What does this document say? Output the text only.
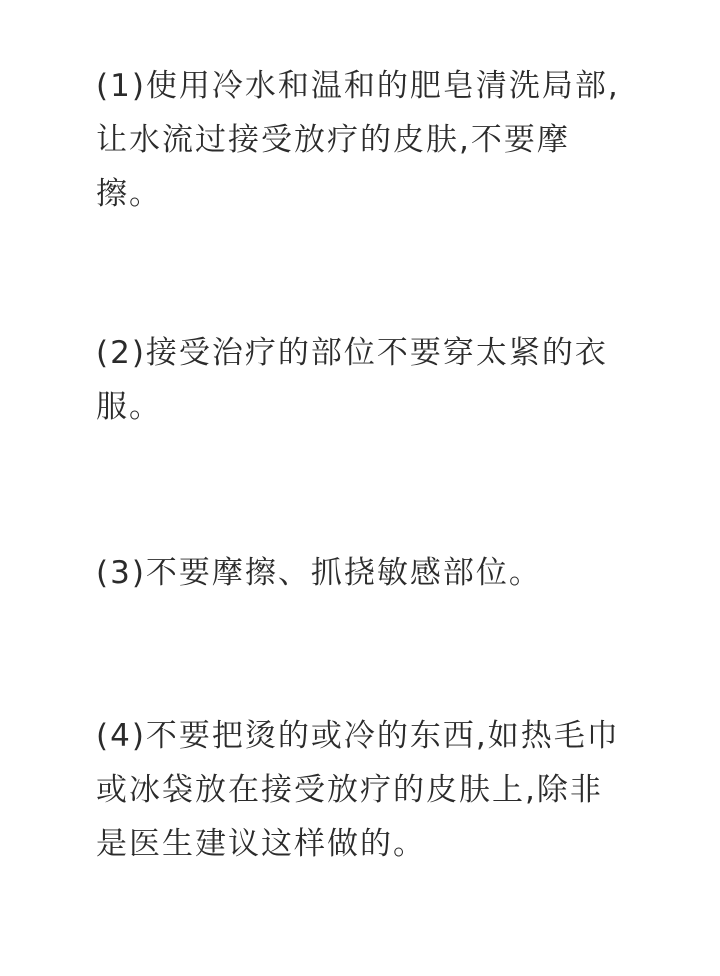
(1)使用冷水和温和的肥皂清洗局部,
让水流过接受放疗的皮肤,不要摩
擦。
(2)接受治疗的部位不要穿太紧的衣
服。
(3)不要摩擦、抓挠敏感部位。
(4)不要把烫的或冷的东西,如热毛巾
或冰袋放在接受放疗的皮肤上,除非
是医生建议这样做的。
